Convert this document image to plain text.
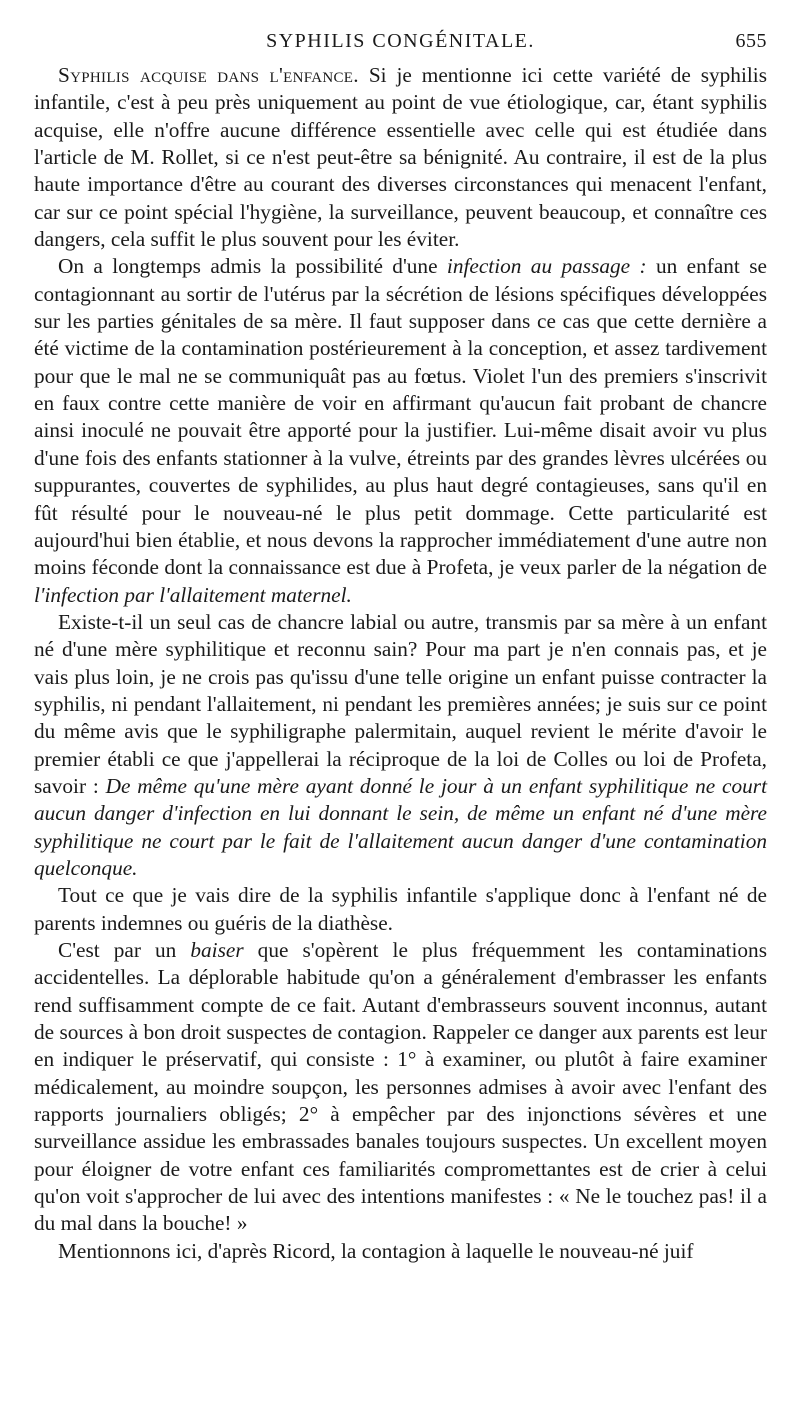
SYPHILIS CONGÉNITALE.	655

Syphilis acquise dans l'enfance. Si je mentionne ici cette variété de syphilis infantile, c'est à peu près uniquement au point de vue étiologique, car, étant syphilis acquise, elle n'offre aucune différence essentielle avec celle qui est étudiée dans l'article de M. Rollet, si ce n'est peut-être sa bénignité. Au contraire, il est de la plus haute importance d'être au courant des diverses circonstances qui menacent l'enfant, car sur ce point spécial l'hygiène, la surveillance, peuvent beaucoup, et connaître ces dangers, cela suffit le plus souvent pour les éviter.

On a longtemps admis la possibilité d'une infection au passage : un enfant se contagionnant au sortir de l'utérus par la sécrétion de lésions spécifiques développées sur les parties génitales de sa mère. Il faut supposer dans ce cas que cette dernière a été victime de la contamination postérieurement à la conception, et assez tardivement pour que le mal ne se communiquât pas au fœtus. Violet l'un des premiers s'inscrivit en faux contre cette manière de voir en affirmant qu'aucun fait probant de chancre ainsi inoculé ne pouvait être apporté pour la justifier. Lui-même disait avoir vu plus d'une fois des enfants stationner à la vulve, étreints par des grandes lèvres ulcérées ou suppurantes, couvertes de syphilides, au plus haut degré contagieuses, sans qu'il en fût résulté pour le nouveau-né le plus petit dommage. Cette particularité est aujourd'hui bien établie, et nous devons la rapprocher immédiatement d'une autre non moins féconde dont la connaissance est due à Profeta, je veux parler de la négation de l'infection par l'allaitement maternel.

Existe-t-il un seul cas de chancre labial ou autre, transmis par sa mère à un enfant né d'une mère syphilitique et reconnu sain? Pour ma part je n'en connais pas, et je vais plus loin, je ne crois pas qu'issu d'une telle origine un enfant puisse contracter la syphilis, ni pendant l'allaitement, ni pendant les premières années; je suis sur ce point du même avis que le syphiligraphe palermitain, auquel revient le mérite d'avoir le premier établi ce que j'appellerai la réciproque de la loi de Colles ou loi de Profeta, savoir : De même qu'une mère ayant donné le jour à un enfant syphilitique ne court aucun danger d'infection en lui donnant le sein, de même un enfant né d'une mère syphilitique ne court par le fait de l'allaitement aucun danger d'une contamination quelconque.

Tout ce que je vais dire de la syphilis infantile s'applique donc à l'enfant né de parents indemnes ou guéris de la diathèse.

C'est par un baiser que s'opèrent le plus fréquemment les contaminations accidentelles. La déplorable habitude qu'on a généralement d'embrasser les enfants rend suffisamment compte de ce fait. Autant d'embrasseurs souvent inconnus, autant de sources à bon droit suspectes de contagion. Rappeler ce danger aux parents est leur en indiquer le préservatif, qui consiste : 1° à examiner, ou plutôt à faire examiner médicalement, au moindre soupçon, les personnes admises à avoir avec l'enfant des rapports journaliers obligés; 2° à empêcher par des injonctions sévères et une surveillance assidue les embrassades banales toujours suspectes. Un excellent moyen pour éloigner de votre enfant ces familiarités compromettantes est de crier à celui qu'on voit s'approcher de lui avec des intentions manifestes : « Ne le touchez pas! il a du mal dans la bouche! »

Mentionnons ici, d'après Ricord, la contagion à laquelle le nouveau-né juif
